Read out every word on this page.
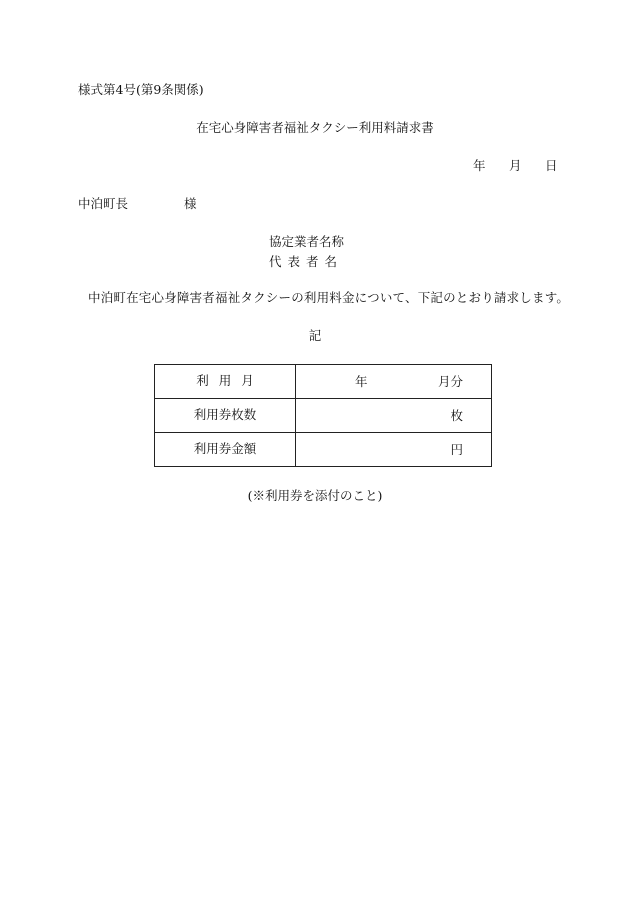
様式第4号(第9条関係)
在宅心身障害者福祉タクシー利用料請求書
年 月 日
中泊町長	様
協定業者名称
代表者名
中泊町在宅心身障害者福祉タクシーの利用料金について、下記のとおり請求します。
記
利用月	年 月分

利用券枚数	枚

利用券金額	円
(※利用券を添付のこと)
